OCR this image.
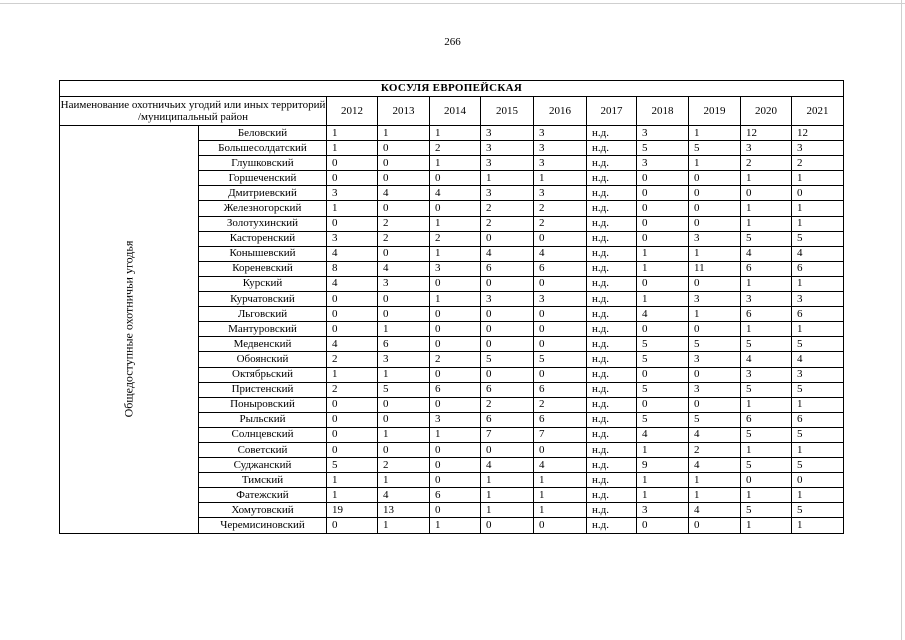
266
КОСУЛЯ ЕВРОПЕЙСКАЯ											
Наименование охотничьих угодий или иных территорий /муниципальный район		2012	2013	2014	2015	2016	2017	2018	2019	2020	2021

Общедоступные охотничьи угодья	Беловский	1	1	1	3	3	н.д.	3	1	12	12
	Большесолдатский	1	0	2	3	3	н.д.	5	5	3	3
	Глушковский	0	0	1	3	3	н.д.	3	1	2	2
	Горшеченский	0	0	0	1	1	н.д.	0	0	1	1
	Дмитриевский	3	4	4	3	3	н.д.	0	0	0	0
	Железногорский	1	0	0	2	2	н.д.	0	0	1	1
	Золотухинский	0	2	1	2	2	н.д.	0	0	1	1
	Касторенский	3	2	2	0	0	н.д.	0	3	5	5
	Конышевский	4	0	1	4	4	н.д.	1	1	4	4
	Кореневский	8	4	3	6	6	н.д.	1	11	6	6
	Курский	4	3	0	0	0	н.д.	0	0	1	1
	Курчатовский	0	0	1	3	3	н.д.	1	3	3	3
	Льговский	0	0	0	0	0	н.д.	4	1	6	6
	Мантуровский	0	1	0	0	0	н.д.	0	0	1	1
	Медвенский	4	6	0	0	0	н.д.	5	5	5	5
	Обоянский	2	3	2	5	5	н.д.	5	3	4	4
	Октябрьский	1	1	0	0	0	н.д.	0	0	3	3
	Пристенский	2	5	6	6	6	н.д.	5	3	5	5
	Поныровский	0	0	0	2	2	н.д.	0	0	1	1
	Рыльский	0	0	3	6	6	н.д.	5	5	6	6
	Солнцевский	0	1	1	7	7	н.д.	4	4	5	5
	Советский	0	0	0	0	0	н.д.	1	2	1	1
	Суджанский	5	2	0	4	4	н.д.	9	4	5	5
	Тимский	1	1	0	1	1	н.д.	1	1	0	0
	Фатежский	1	4	6	1	1	н.д.	1	1	1	1
	Хомутовский	19	13	0	1	1	н.д.	3	4	5	5
	Черемисиновский	0	1	1	0	0	н.д.	0	0	1	1
